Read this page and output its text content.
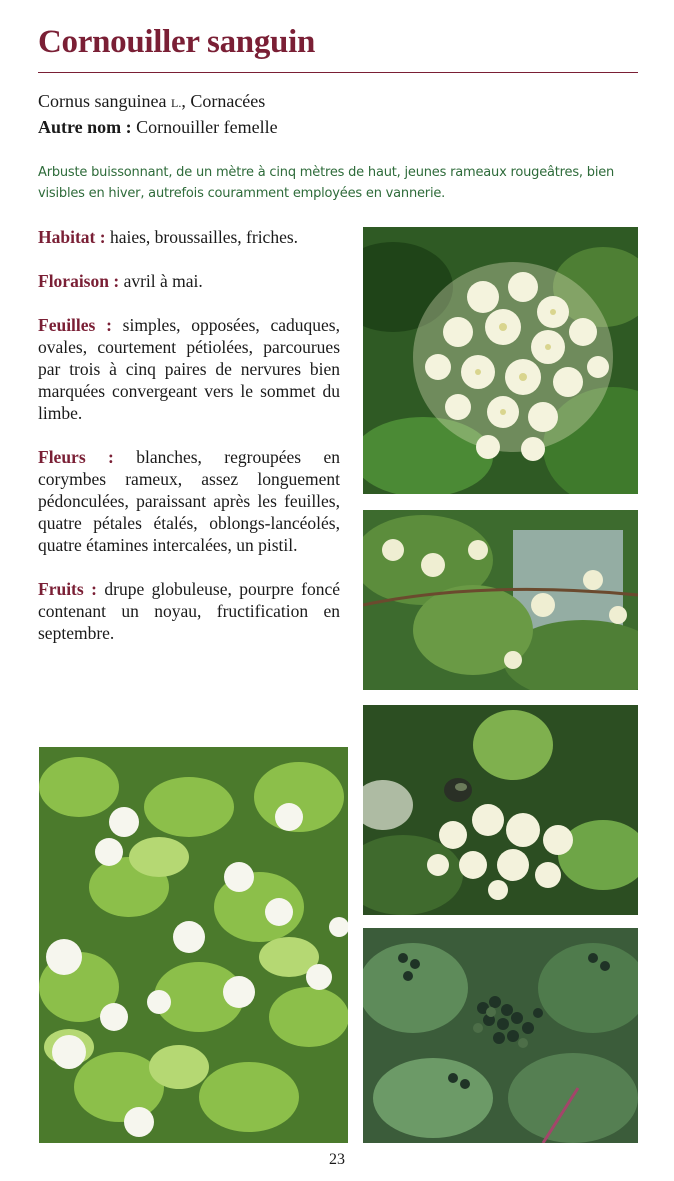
Cornouiller sanguin
Cornus sanguinea L., Cornacées
Autre nom : Cornouiller femelle

Arbuste buissonnant, de un mètre à cinq mètres de haut, jeunes rameaux rougeâtres, bien visibles en hiver, autrefois couramment employées en vannerie.

Habitat : haies, broussailles, friches.

Floraison : avril à mai.

Feuilles : simples, opposées, caduques, ovales, courtement pétiolées, parcourues par trois à cinq paires de nervures bien marquées convergeant vers le sommet du limbe.

Fleurs : blanches, regroupées en corymbes rameux, assez longuement pédonculées, paraissant après les feuilles, quatre pétales étalés, oblongs-lancéolés, quatre étamines intercalées, un pistil.

Fruits : drupe globuleuse, pourpre foncé contenant un noyau, fructification en septembre.

23
